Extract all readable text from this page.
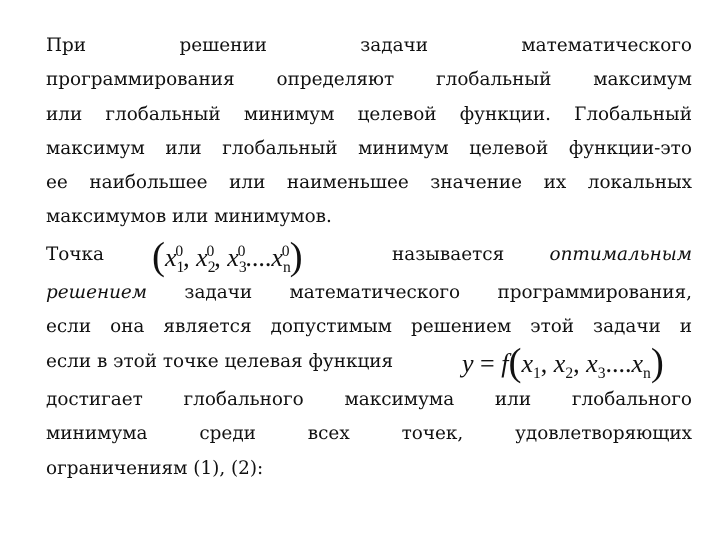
При	решении	задачи	математического
программирования определяют глобальный максимум
или глобальный минимум целевой функции. Глобальный
максимум или глобальный минимум целевой функции-это
ее наибольшее или наименьшее значение их локальных
максимумов или минимумов.
Точка	называется оптимальным
($x_1^0$, $x_2^0$, $x_3^0....x_n^0$)
решением задачи математического программирования,
если она является допустимым решением этой задачи и
если в этой точке целевая функция	$y = f(x_1$, $x_2$, $x_3....x_n$)
достигает глобального максимума или глобального
минимума	среди	всех	точек,	удовлетворяющих
ограничениям (1), (2):
